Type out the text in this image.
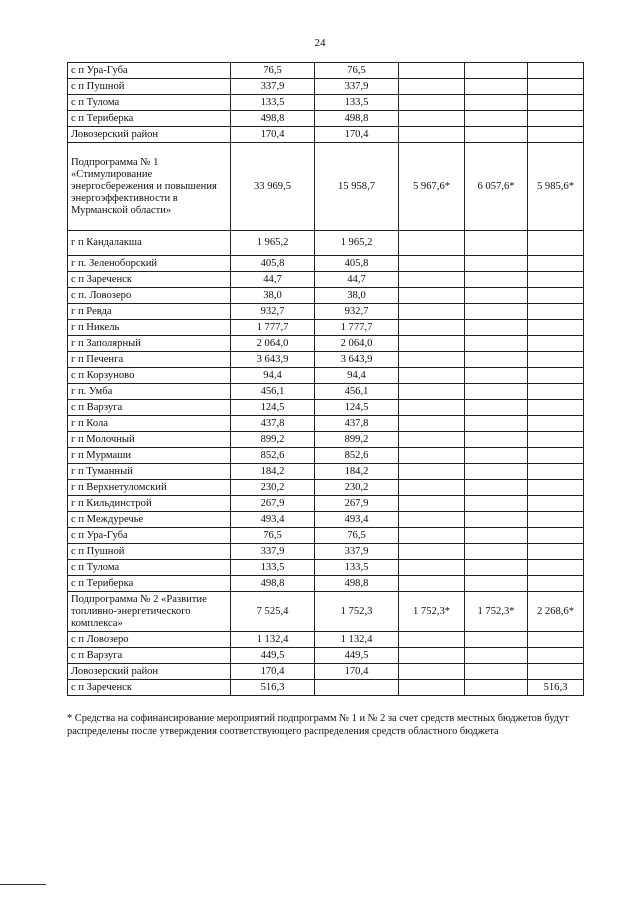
24
с п Ура-Губа	76,5	76,5			
с п Пушной	337,9	337,9			
с п Тулома	133,5	133,5			
с п Териберка	498,8	498,8			
Ловозерский район	170,4	170,4			
Подпрограмма № 1 «Стимулирование энергосбережения и повышения энергоэффективности в Мурманской области»	33 969,5	15 958,7	5 967,6*	6 057,6*	5 985,6*
г п Кандалакша	1 965,2	1 965,2			
г п. Зеленоборский	405,8	405,8			
с п Зареченск	44,7	44,7			
с п. Ловозеро	38,0	38,0			
г п Ревда	932,7	932,7			
г п Никель	1 777,7	1 777,7			
г п Заполярный	2 064,0	2 064,0			
г п Печенга	3 643,9	3 643,9			
с п Корзуново	94,4	94,4			
г п. Умба	456,1	456,1			
с п Варзуга	124,5	124,5			
г п Кола	437,8	437,8			
г п Молочный	899,2	899,2			
г п Мурмаши	852,6	852,6			
г п Туманный	184,2	184,2			
г п Верхнетуломский	230,2	230,2			
г п Кильдинстрой	267,9	267,9			
с п Междуречье	493,4	493,4			
с п Ура-Губа	76,5	76,5			
с п Пушной	337,9	337,9			
с п Тулома	133,5	133,5			
с п Териберка	498,8	498,8			
Подпрограмма № 2 «Развитие топливно-энергетического комплекса»	7 525,4	1 752,3	1 752,3*	1 752,3*	2 268,6*
с п Ловозеро	1 132,4	1 132,4			
с п Варзуга	449,5	449,5			
Ловозерский район	170,4	170,4			
с п Зареченск	516,3				516,3
* Средства на софинансирование мероприятий подпрограмм № 1 и № 2 за счет средств местных бюджетов будут распределены после утверждения соответствующего распределения средств областного бюджета
